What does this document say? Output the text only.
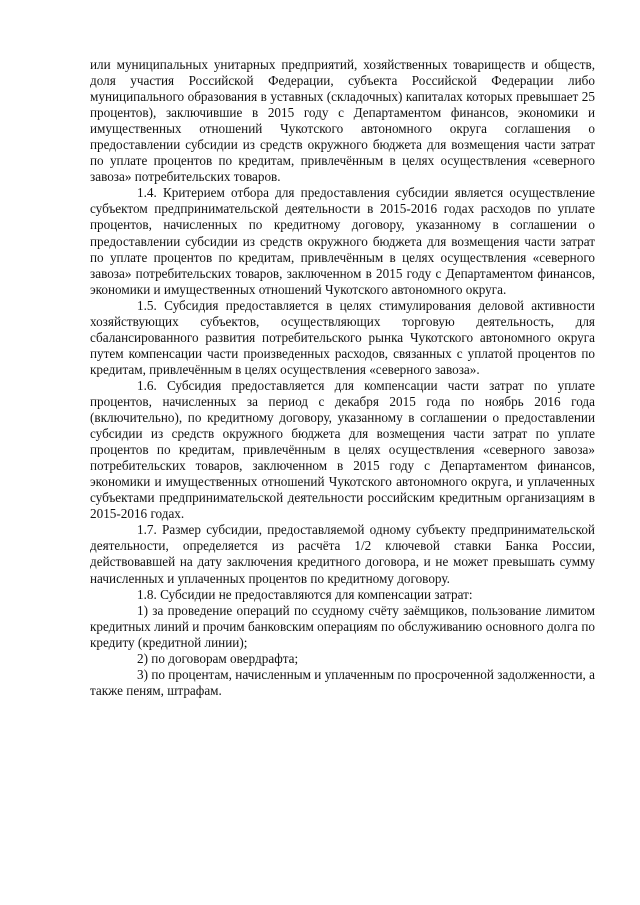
или муниципальных унитарных предприятий, хозяйственных товариществ и обществ, доля участия Российской Федерации, субъекта Российской Федерации либо муниципального образования в уставных (складочных) капиталах которых превышает 25 процентов), заключившие в 2015 году с Департаментом финансов, экономики и имущественных отношений Чукотского автономного округа соглашения о предоставлении субсидии из средств окружного бюджета для возмещения части затрат по уплате процентов по кредитам, привлечённым в целях осуществления «северного завоза» потребительских товаров.

1.4. Критерием отбора для предоставления субсидии является осуществление субъектом предпринимательской деятельности в 2015-2016 годах расходов по уплате процентов, начисленных по кредитному договору, указанному в соглашении о предоставлении субсидии из средств окружного бюджета для возмещения части затрат по уплате процентов по кредитам, привлечённым в целях осуществления «северного завоза» потребительских товаров, заключенном в 2015 году с Департаментом финансов, экономики и имущественных отношений Чукотского автономного округа.

1.5. Субсидия предоставляется в целях стимулирования деловой активности хозяйствующих субъектов, осуществляющих торговую деятельность, для сбалансированного развития потребительского рынка Чукотского автономного округа путем компенсации части произведенных расходов, связанных с уплатой процентов по кредитам, привлечённым в целях осуществления «северного завоза».

1.6. Субсидия предоставляется для компенсации части затрат по уплате процентов, начисленных за период с декабря 2015 года по ноябрь 2016 года (включительно), по кредитному договору, указанному в соглашении о предоставлении субсидии из средств окружного бюджета для возмещения части затрат по уплате процентов по кредитам, привлечённым в целях осуществления «северного завоза» потребительских товаров, заключенном в 2015 году с Департаментом финансов, экономики и имущественных отношений Чукотского автономного округа, и уплаченных субъектами предпринимательской деятельности российским кредитным организациям в 2015-2016 годах.

1.7. Размер субсидии, предоставляемой одному субъекту предпринимательской деятельности, определяется из расчёта 1/2 ключевой ставки Банка России, действовавшей на дату заключения кредитного договора, и не может превышать сумму начисленных и уплаченных процентов по кредитному договору.

1.8. Субсидии не предоставляются для компенсации затрат:

1) за проведение операций по ссудному счёту заёмщиков, пользование лимитом кредитных линий и прочим банковским операциям по обслуживанию основного долга по кредиту (кредитной линии);

2) по договорам овердрафта;

3) по процентам, начисленным и уплаченным по просроченной задолженности, а также пеням, штрафам.
